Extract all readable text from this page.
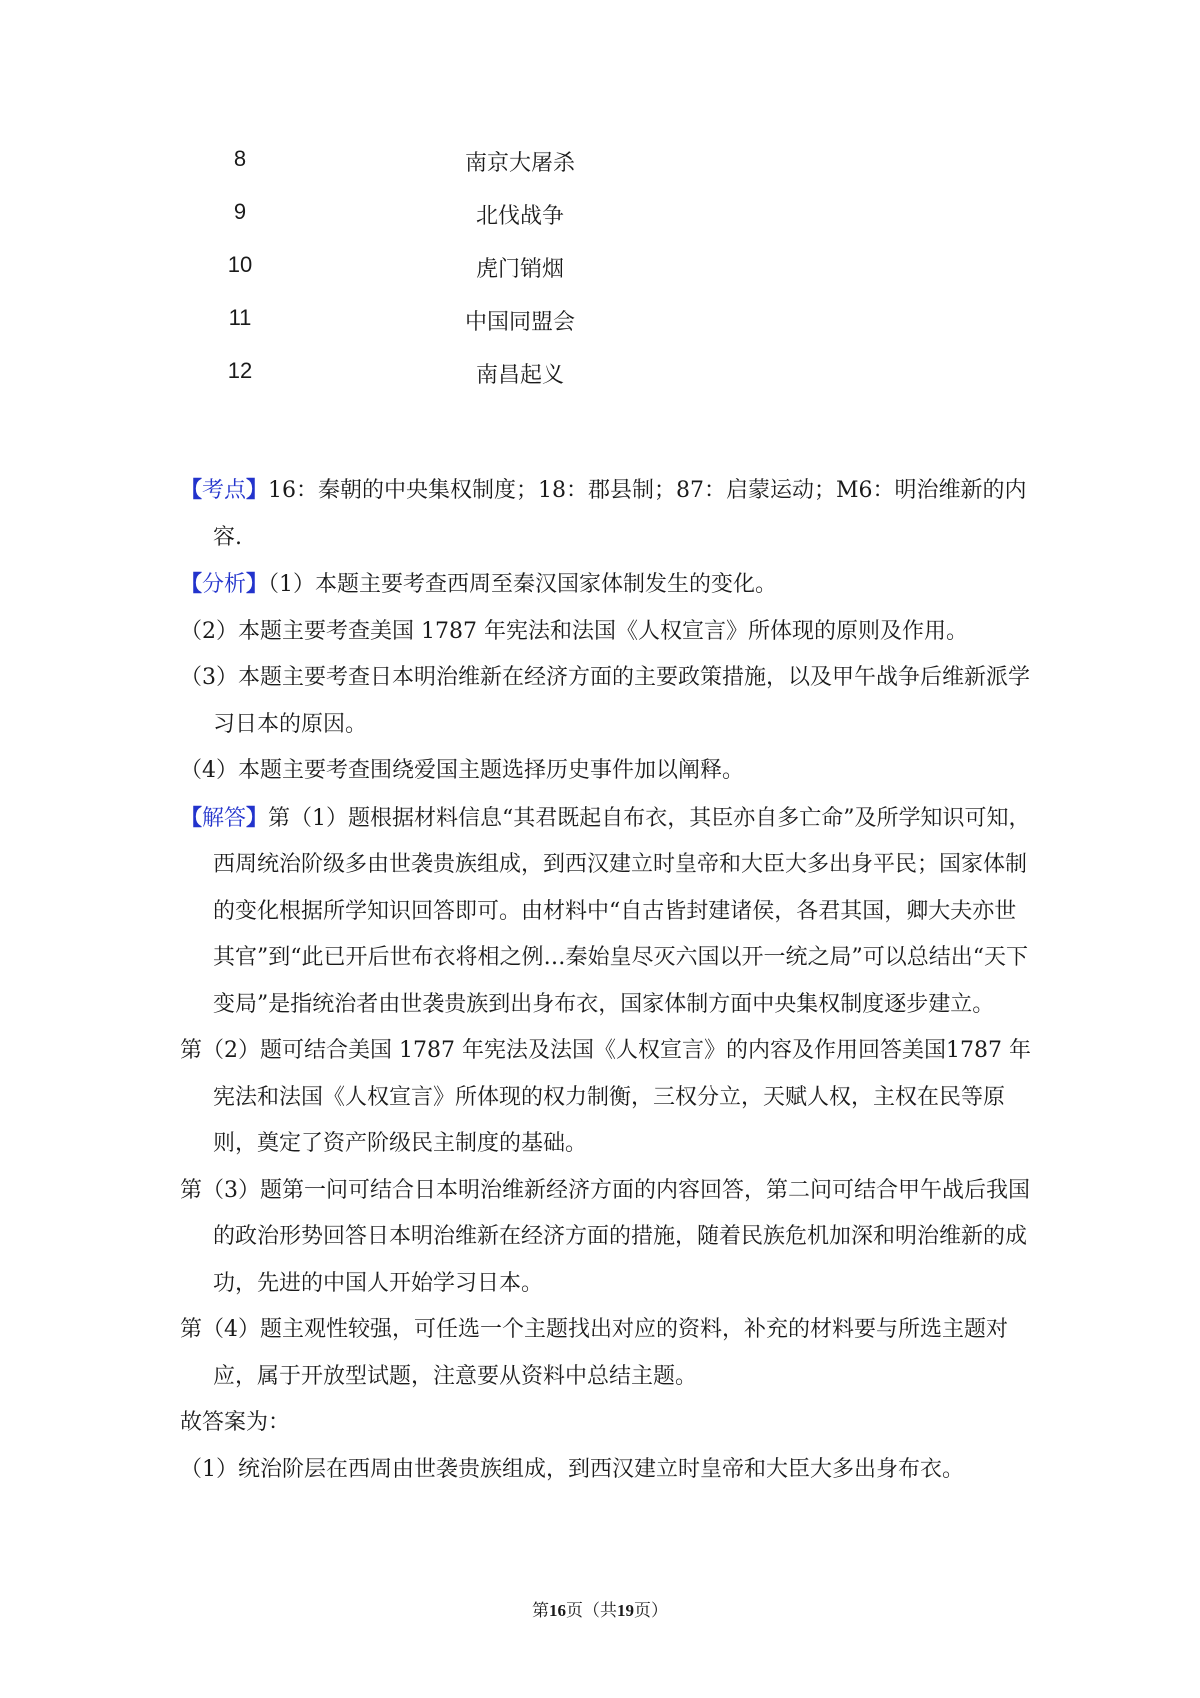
8	南京大屠杀
9	北伐战争
10	虎门销烟
11	中国同盟会
12	南昌起义

【考点】16：秦朝的中央集权制度；18：郡县制；87：启蒙运动；M6：明治维新的内容.

【分析】（1）本题主要考查西周至秦汉国家体制发生的变化。

（2）本题主要考查美国 1787 年宪法和法国《人权宣言》所体现的原则及作用。

（3）本题主要考查日本明治维新在经济方面的主要政策措施，以及甲午战争后维新派学习日本的原因。

（4）本题主要考查围绕爱国主题选择历史事件加以阐释。

【解答】第（1）题根据材料信息“其君既起自布衣，其臣亦自多亡命”及所学知识可知，西周统治阶级多由世袭贵族组成，到西汉建立时皇帝和大臣大多出身平民；国家体制的变化根据所学知识回答即可。由材料中“自古皆封建诸侯，各君其国，卿大夫亦世其官”到“此已开后世布衣将相之例…秦始皇尽灭六国以开一统之局”可以总结出“天下变局”是指统治者由世袭贵族到出身布衣，国家体制方面中央集权制度逐步建立。

第（2）题可结合美国 1787 年宪法及法国《人权宣言》的内容及作用回答美国1787 年宪法和法国《人权宣言》所体现的权力制衡，三权分立，天赋人权，主权在民等原则，奠定了资产阶级民主制度的基础。

第（3）题第一问可结合日本明治维新经济方面的内容回答，第二问可结合甲午战后我国的政治形势回答日本明治维新在经济方面的措施，随着民族危机加深和明治维新的成功，先进的中国人开始学习日本。

第（4）题主观性较强，可任选一个主题找出对应的资料，补充的材料要与所选主题对应，属于开放型试题，注意要从资料中总结主题。

故答案为：

（1）统治阶层在西周由世袭贵族组成，到西汉建立时皇帝和大臣大多出身布衣。

第16页（共19页）
